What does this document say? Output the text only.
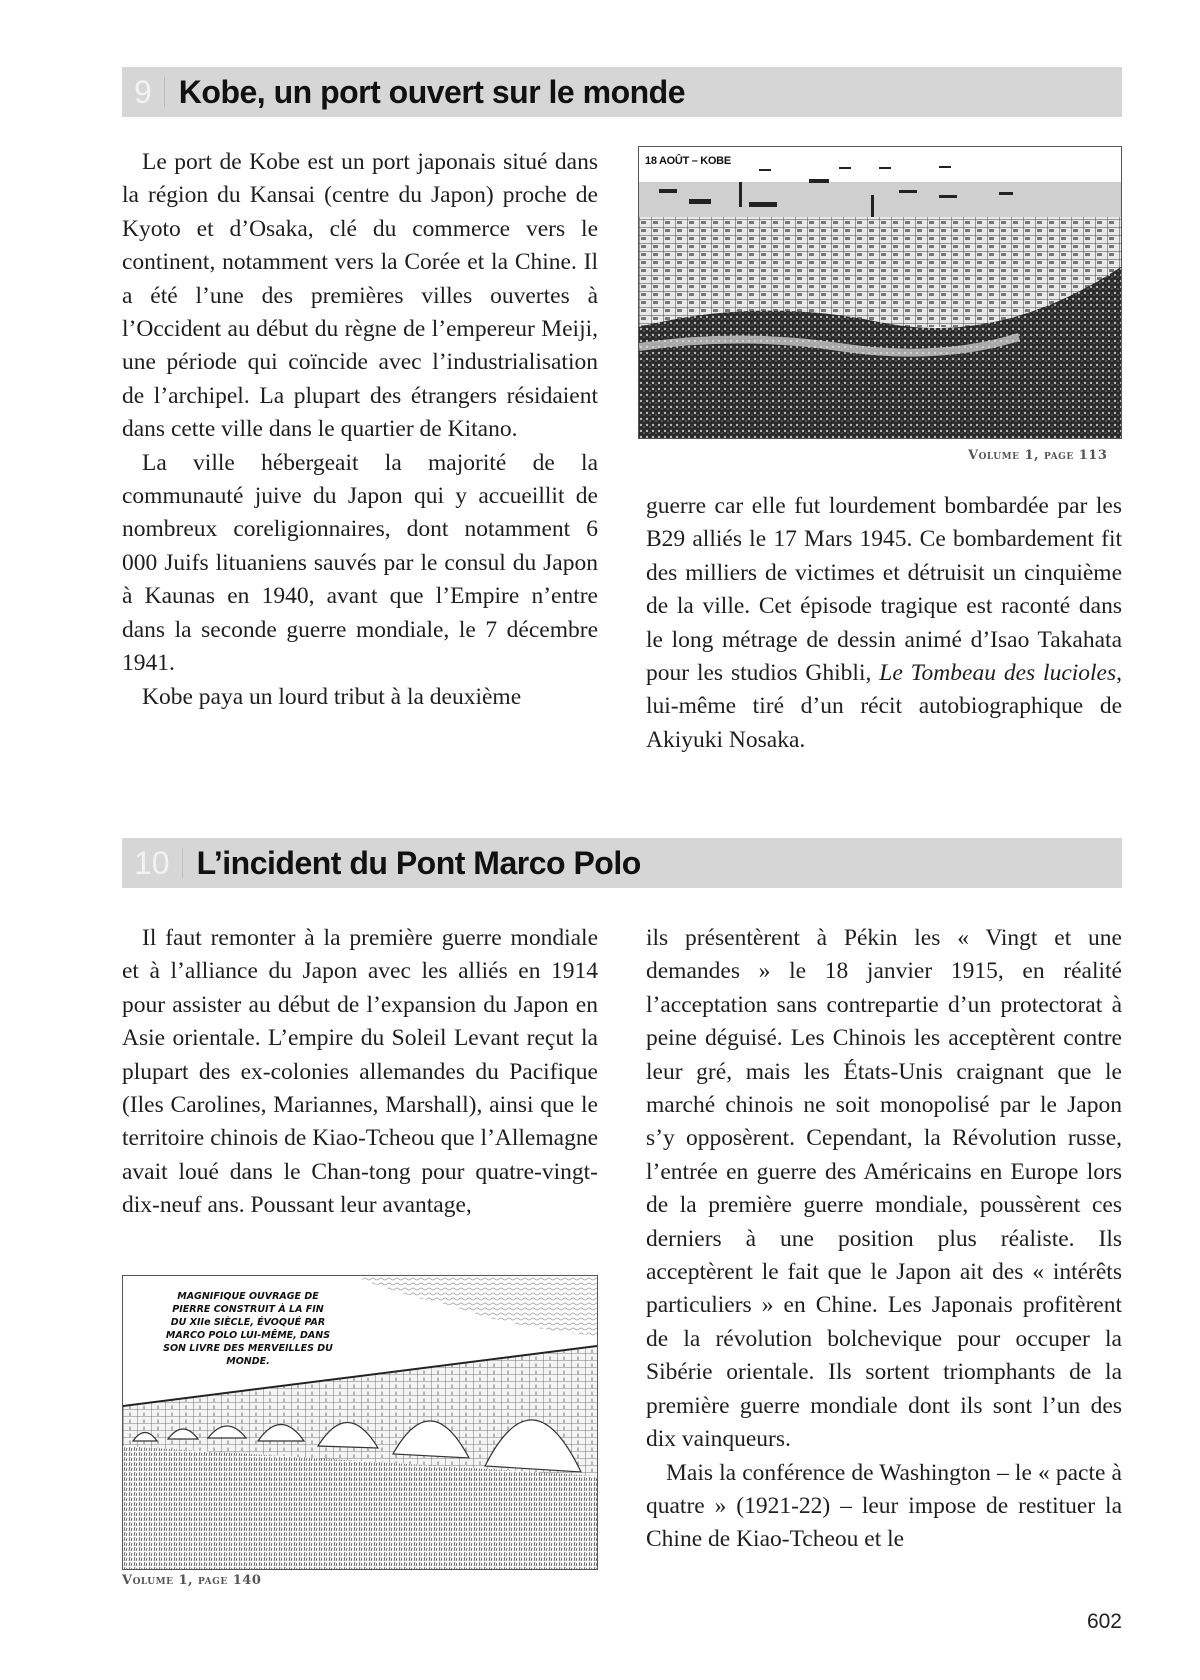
9 Kobe, un port ouvert sur le monde

Le port de Kobe est un port japonais situé dans la région du Kansai (centre du Japon) proche de Kyoto et d’Osaka, clé du commerce vers le continent, notamment vers la Corée et la Chine. Il a été l’une des premières villes ouvertes à l’Occident au début du règne de l’empereur Meiji, une période qui coïncide avec l’industrialisation de l’archipel. La plupart des étrangers résidaient dans cette ville dans le quartier de Kitano.

La ville hébergeait la majorité de la communauté juive du Japon qui y accueillit de nombreux coreligionnaires, dont notamment 6 000 Juifs lituaniens sauvés par le consul du Japon à Kaunas en 1940, avant que l’Empire n’entre dans la seconde guerre mondiale, le 7 décembre 1941.

Kobe paya un lourd tribut à la deuxième

18 AOÛT – KOBE
Volume 1, page 113

guerre car elle fut lourdement bombardée par les B29 alliés le 17 Mars 1945. Ce bombardement fit des milliers de victimes et détruisit un cinquième de la ville. Cet épisode tragique est raconté dans le long métrage de dessin animé d’Isao Takahata pour les studios Ghibli, Le Tombeau des lucioles, lui-même tiré d’un récit autobiographique de Akiyuki Nosaka.

10 L’incident du Pont Marco Polo

Il faut remonter à la première guerre mondiale et à l’alliance du Japon avec les alliés en 1914 pour assister au début de l’expansion du Japon en Asie orientale. L’empire du Soleil Levant reçut la plupart des ex-colonies allemandes du Pacifique (Iles Carolines, Mariannes, Marshall), ainsi que le territoire chinois de Kiao-Tcheou que l’Allemagne avait loué dans le Chan-tong pour quatre-vingt-dix-neuf ans. Poussant leur avantage,

MAGNIFIQUE OUVRAGE DE PIERRE CONSTRUIT À LA FIN DU XIIe SIÈCLE, ÉVOQUÉ PAR MARCO POLO LUI-MÊME, DANS SON LIVRE DES MERVEILLES DU MONDE.
Volume 1, page 140

ils présentèrent à Pékin les « Vingt et une demandes » le 18 janvier 1915, en réalité l’acceptation sans contrepartie d’un protectorat à peine déguisé. Les Chinois les acceptèrent contre leur gré, mais les États-Unis craignant que le marché chinois ne soit monopolisé par le Japon s’y opposèrent. Cependant, la Révolution russe, l’entrée en guerre des Américains en Europe lors de la première guerre mondiale, poussèrent ces derniers à une position plus réaliste. Ils acceptèrent le fait que le Japon ait des « intérêts particuliers » en Chine. Les Japonais profitèrent de la révolution bolchevique pour occuper la Sibérie orientale. Ils sortent triomphants de la première guerre mondiale dont ils sont l’un des dix vainqueurs.

Mais la conférence de Washington – le « pacte à quatre » (1921-22) – leur impose de restituer la Chine de Kiao-Tcheou et le

602
